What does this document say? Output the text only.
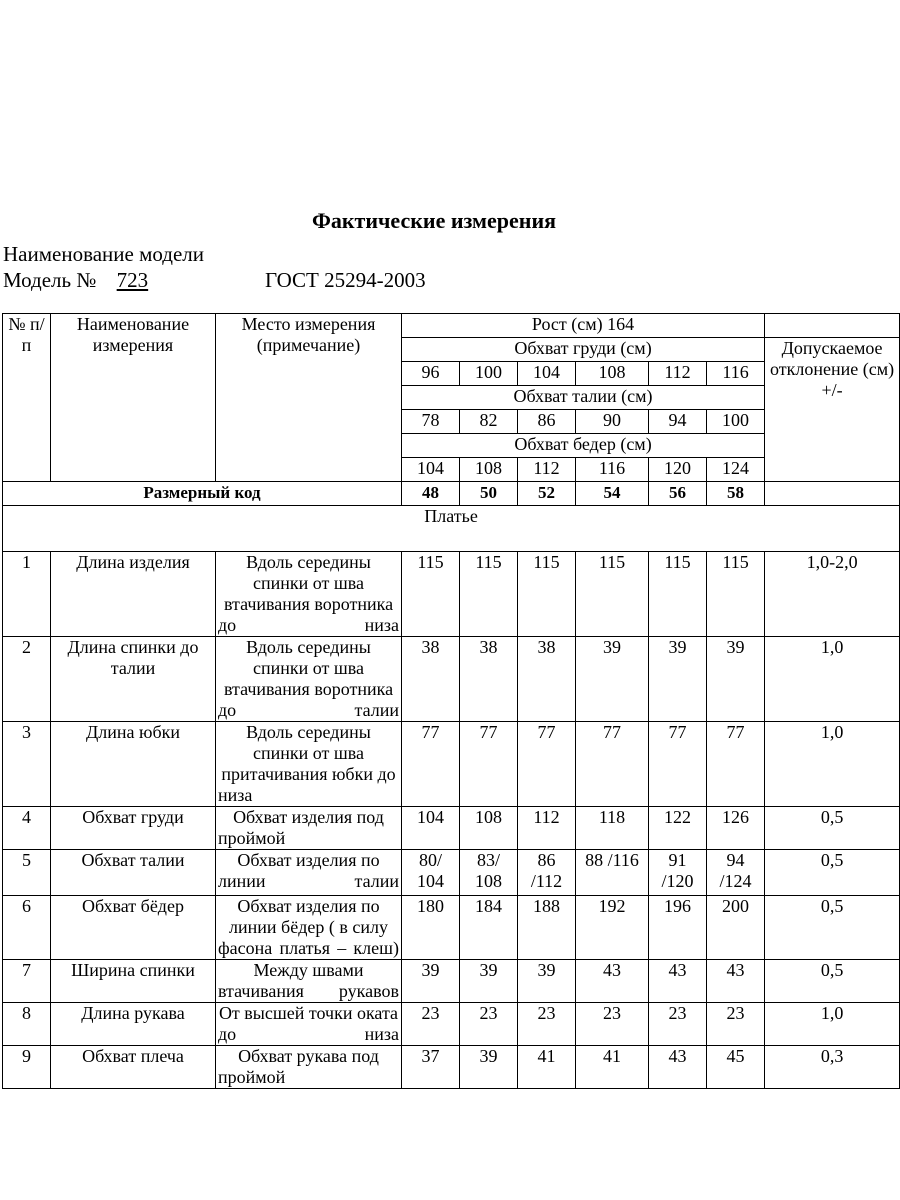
Фактические измерения
Наименование модели
Модель № 723	ГОСТ 25294-2003
№ п/п	Наименование измерения	Место измерения (примечание)	Рост (см) 164						
			Обхват груди (см)						Допускаемое отклонение (см) +/-
			96	100	104	108	112	116	
			Обхват талии (см)						
			78	82	86	90	94	100	
			Обхват бедер (см)						
			104	108	112	116	120	124	
Размерный код			48	50	52	54	56	58	
Платье									
1	Длина изделия	Вдоль середины спинки от шва втачивания воротника до низа	115	115	115	115	115	115	1,0-2,0
2	Длина спинки до талии	Вдоль середины спинки от шва втачивания воротника до талии	38	38	38	39	39	39	1,0
3	Длина юбки	Вдоль середины спинки от шва притачивания юбки до низа	77	77	77	77	77	77	1,0
4	Обхват груди	Обхват изделия под проймой	104	108	112	118	122	126	0,5
5	Обхват талии	Обхват изделия по линии талии	80/ 104	83/ 108	86 /112	88 /116	91 /120	94 /124	0,5
6	Обхват бёдер	Обхват изделия по линии бёдер ( в силу фасона платья – клеш)	180	184	188	192	196	200	0,5
7	Ширина спинки	Между швами втачивания рукавов	39	39	39	43	43	43	0,5
8	Длина рукава	От высшей точки оката до низа	23	23	23	23	23	23	1,0
9	Обхват плеча	Обхват рукава под проймой	37	39	41	41	43	45	0,3
